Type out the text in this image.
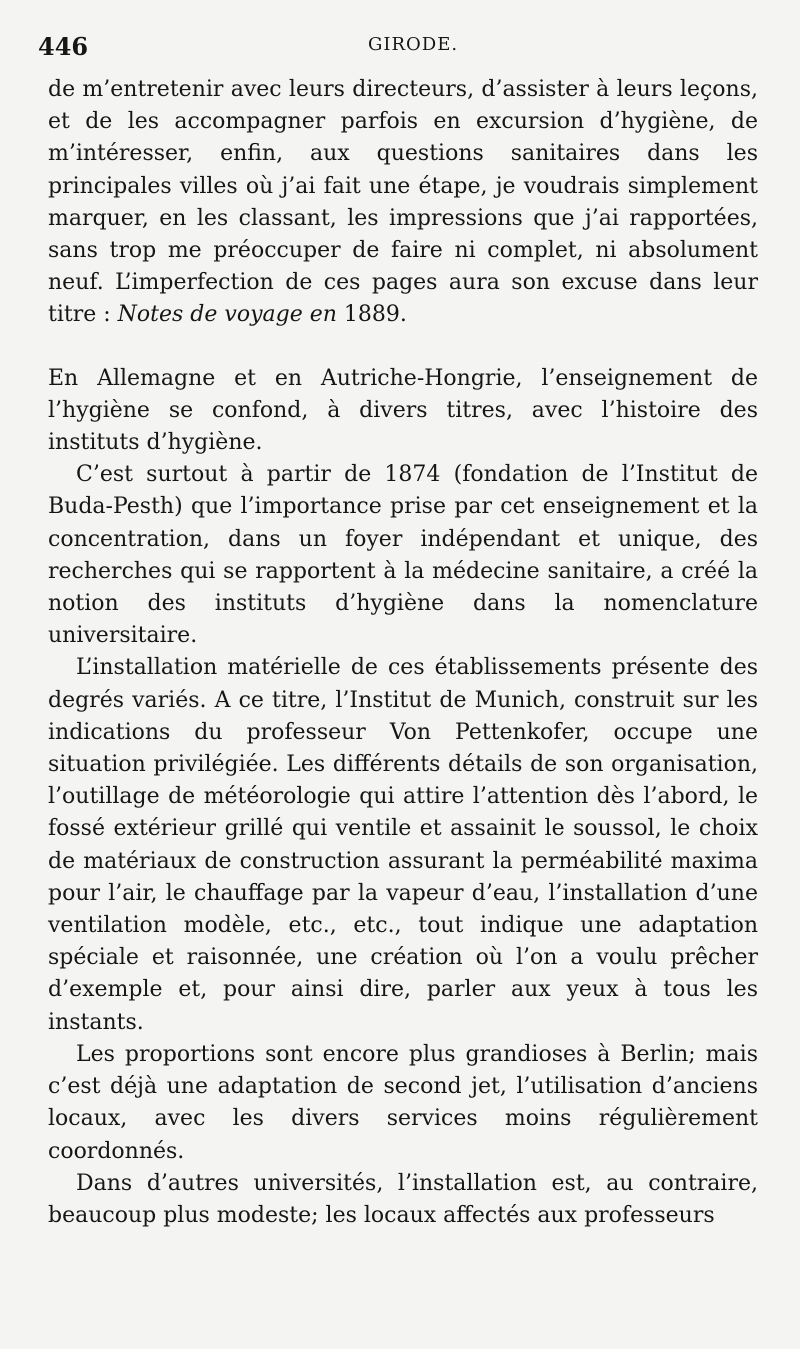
446	GIRODE.

de m’entretenir avec leurs directeurs, d’assister à leurs leçons, et de les accompagner parfois en excursion d’hygiène, de m’intéresser, enfin, aux questions sanitaires dans les principales villes où j’ai fait une étape, je voudrais simplement marquer, en les classant, les impressions que j’ai rapportées, sans trop me préoccuper de faire ni complet, ni absolument neuf. L’imperfection de ces pages aura son excuse dans leur titre : Notes de voyage en 1889.

En Allemagne et en Autriche-Hongrie, l’enseignement de l’hygiène se confond, à divers titres, avec l’histoire des instituts d’hygiène.

C’est surtout à partir de 1874 (fondation de l’Institut de Buda-Pesth) que l’importance prise par cet enseignement et la concentration, dans un foyer indépendant et unique, des recherches qui se rapportent à la médecine sanitaire, a créé la notion des instituts d’hygiène dans la nomenclature universitaire.

L’installation matérielle de ces établissements présente des degrés variés. A ce titre, l’Institut de Munich, construit sur les indications du professeur Von Pettenkofer, occupe une situation privilégiée. Les différents détails de son organisation, l’outillage de météorologie qui attire l’attention dès l’abord, le fossé extérieur grillé qui ventile et assainit le soussol, le choix de matériaux de construction assurant la perméabilité maxima pour l’air, le chauffage par la vapeur d’eau, l’installation d’une ventilation modèle, etc., etc., tout indique une adaptation spéciale et raisonnée, une création où l’on a voulu prêcher d’exemple et, pour ainsi dire, parler aux yeux à tous les instants.

Les proportions sont encore plus grandioses à Berlin; mais c’est déjà une adaptation de second jet, l’utilisation d’anciens locaux, avec les divers services moins régulièrement coordonnés.

Dans d’autres universités, l’installation est, au contraire, beaucoup plus modeste; les locaux affectés aux professeurs
